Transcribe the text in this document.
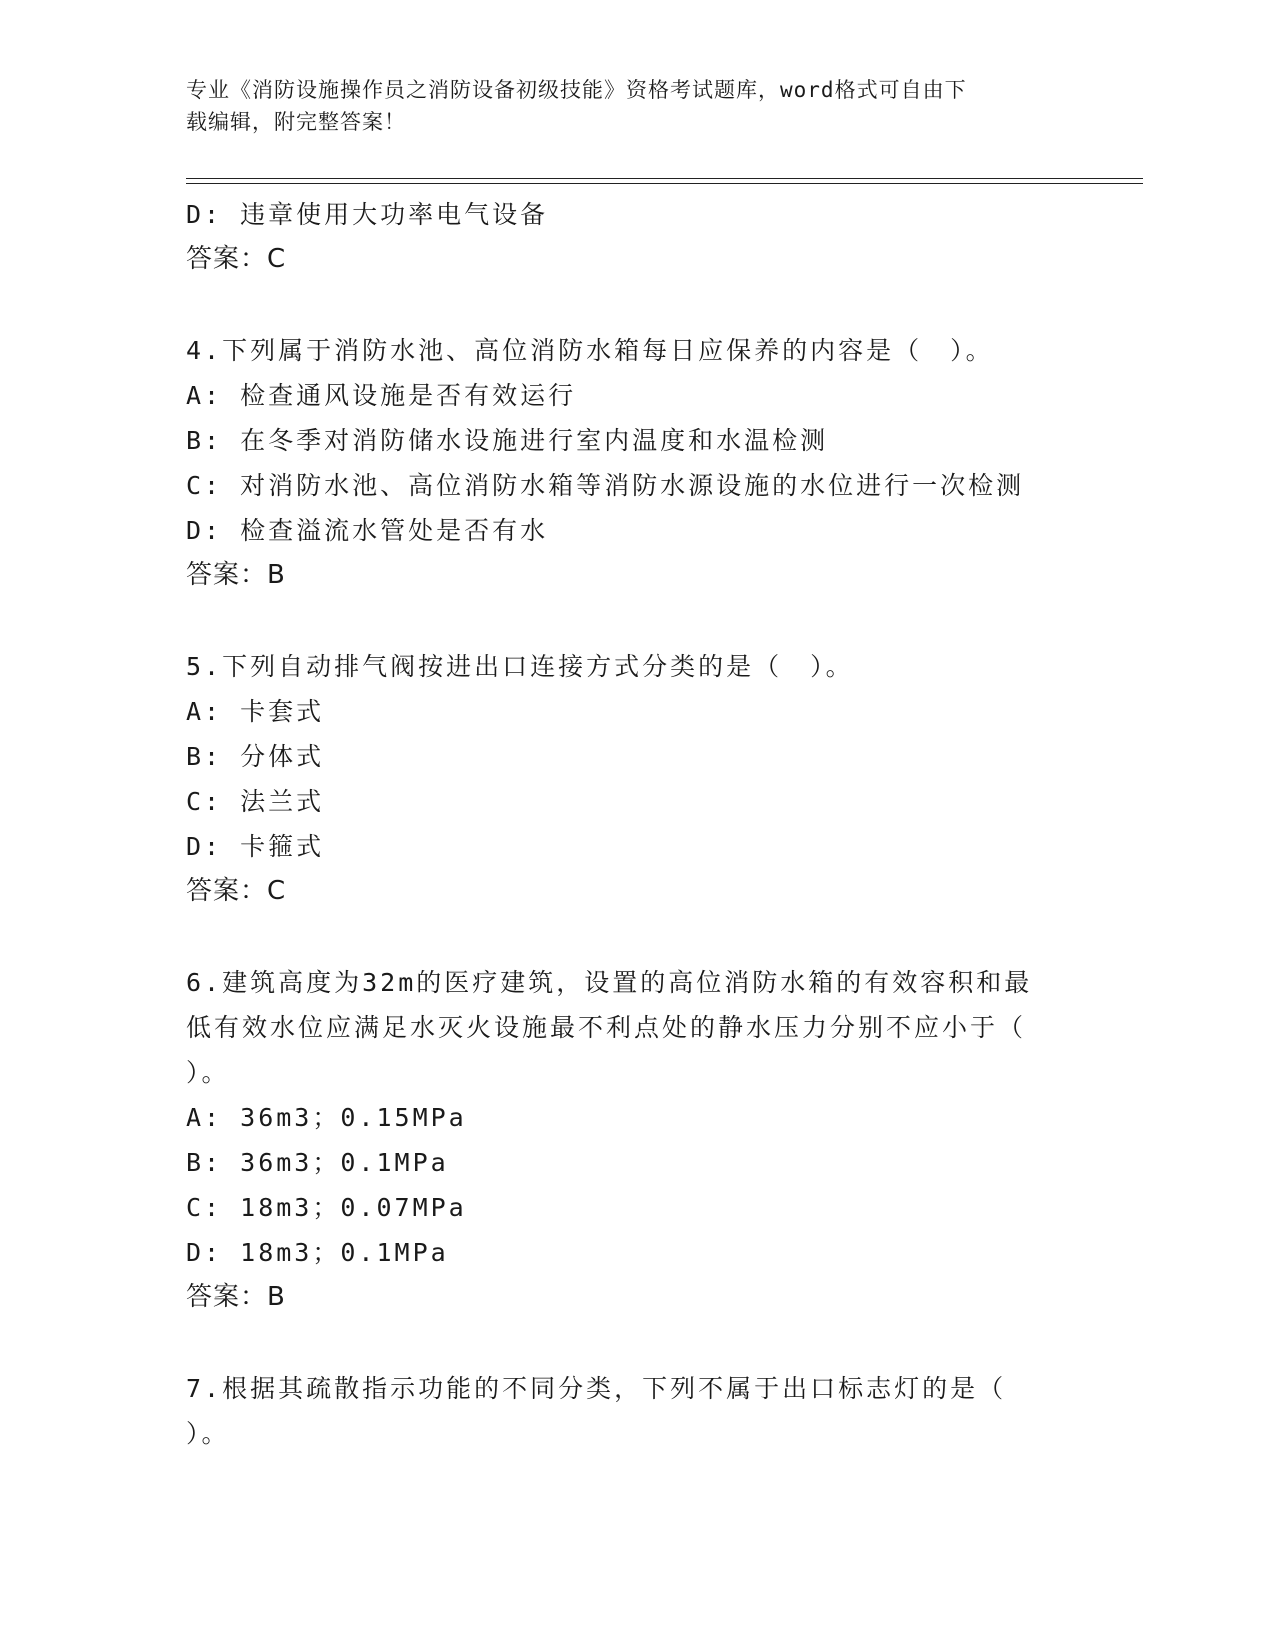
专业《消防设施操作员之消防设备初级技能》资格考试题库，word格式可自由下
载编辑，附完整答案！
D: 违章使用大功率电气设备
答案：C
4.下列属于消防水池、高位消防水箱每日应保养的内容是（　）。
A: 检查通风设施是否有效运行
B: 在冬季对消防储水设施进行室内温度和水温检测
C: 对消防水池、高位消防水箱等消防水源设施的水位进行一次检测
D: 检查溢流水管处是否有水
答案：B
5.下列自动排气阀按进出口连接方式分类的是（　）。
A: 卡套式
B: 分体式
C: 法兰式
D: 卡箍式
答案：C
6.建筑高度为32m的医疗建筑，设置的高位消防水箱的有效容积和最
低有效水位应满足水灭火设施最不利点处的静水压力分别不应小于（
）。
A: 36m3；0.15MPa
B: 36m3；0.1MPa
C: 18m3；0.07MPa
D: 18m3；0.1MPa
答案：B
7.根据其疏散指示功能的不同分类，下列不属于出口标志灯的是（
）。
